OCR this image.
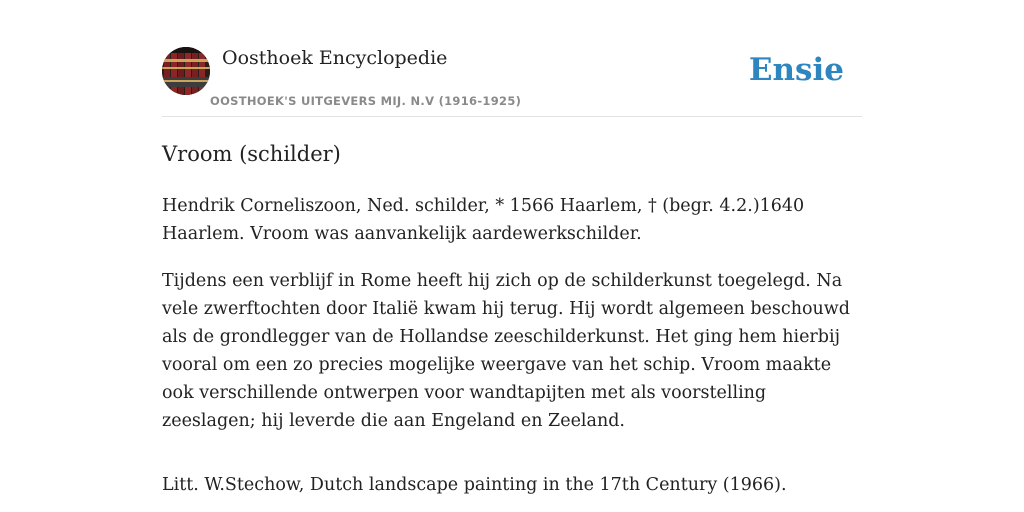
Oosthoek Encyclopedie
OOSTHOEK'S UITGEVERS MIJ. N.V (1916-1925)
Ensie
Vroom (schilder)

Hendrik Corneliszoon, Ned. schilder, * 1566 Haarlem, † (begr. 4.2.)1640 Haarlem. Vroom was aanvankelijk aardewerkschilder.

Tijdens een verblijf in Rome heeft hij zich op de schilderkunst toegelegd. Na vele zwerftochten door Italië kwam hij terug. Hij wordt algemeen beschouwd als de grondlegger van de Hollandse zeeschilderkunst. Het ging hem hierbij vooral om een zo precies mogelijke weergave van het schip. Vroom maakte ook verschillende ontwerpen voor wandtapijten met als voorstelling zeeslagen; hij leverde die aan Engeland en Zeeland.

Litt. W.Stechow, Dutch landscape painting in the 17th Century (1966).
